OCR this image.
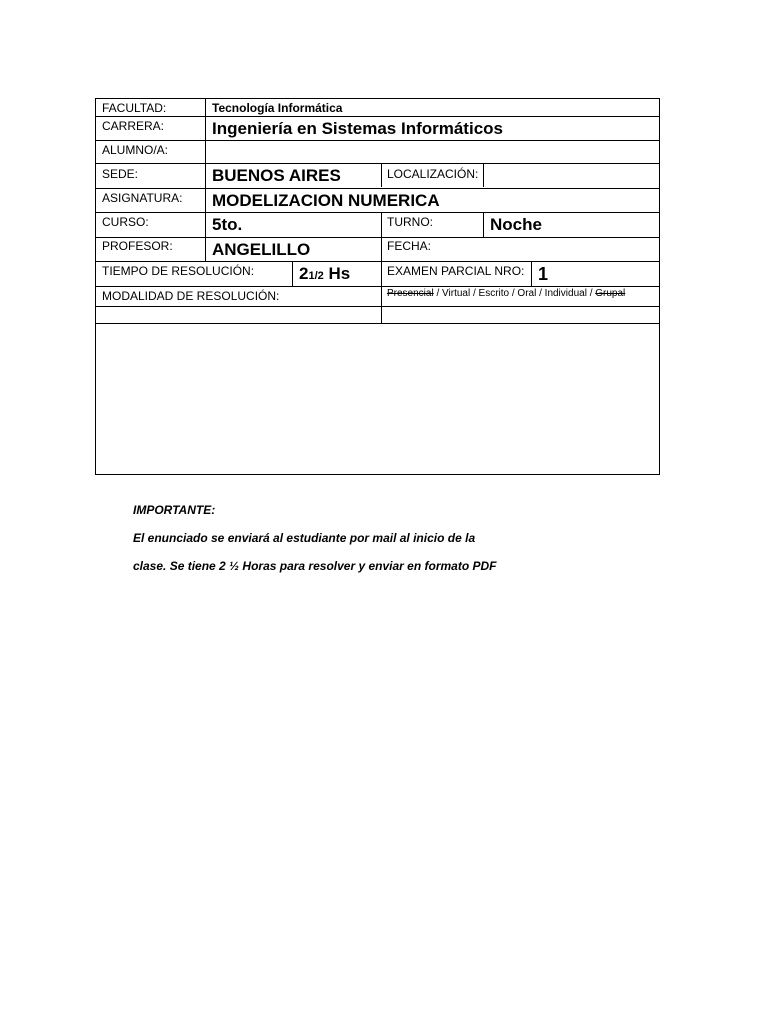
FACULTAD:	Tecnología Informática
CARRERA:	Ingeniería en Sistemas Informáticos
ALUMNO/A:
SEDE:	BUENOS AIRES	LOCALIZACIÓN:
ASIGNATURA: MODELIZACION NUMERICA
CURSO:	5to.	TURNO:	Noche
PROFESOR: ANGELILLO	FECHA:
TIEMPO DE RESOLUCIÓN:	21/2 Hs	EXAMEN PARCIAL NRO: 1
MODALIDAD DE RESOLUCIÓN:	Presencial / Virtual / Escrito / Oral / Individual / Grupal
IMPORTANTE:
El enunciado se enviará al estudiante por mail al inicio de la
clase. Se tiene 2 ½ Horas para resolver y enviar en formato PDF
